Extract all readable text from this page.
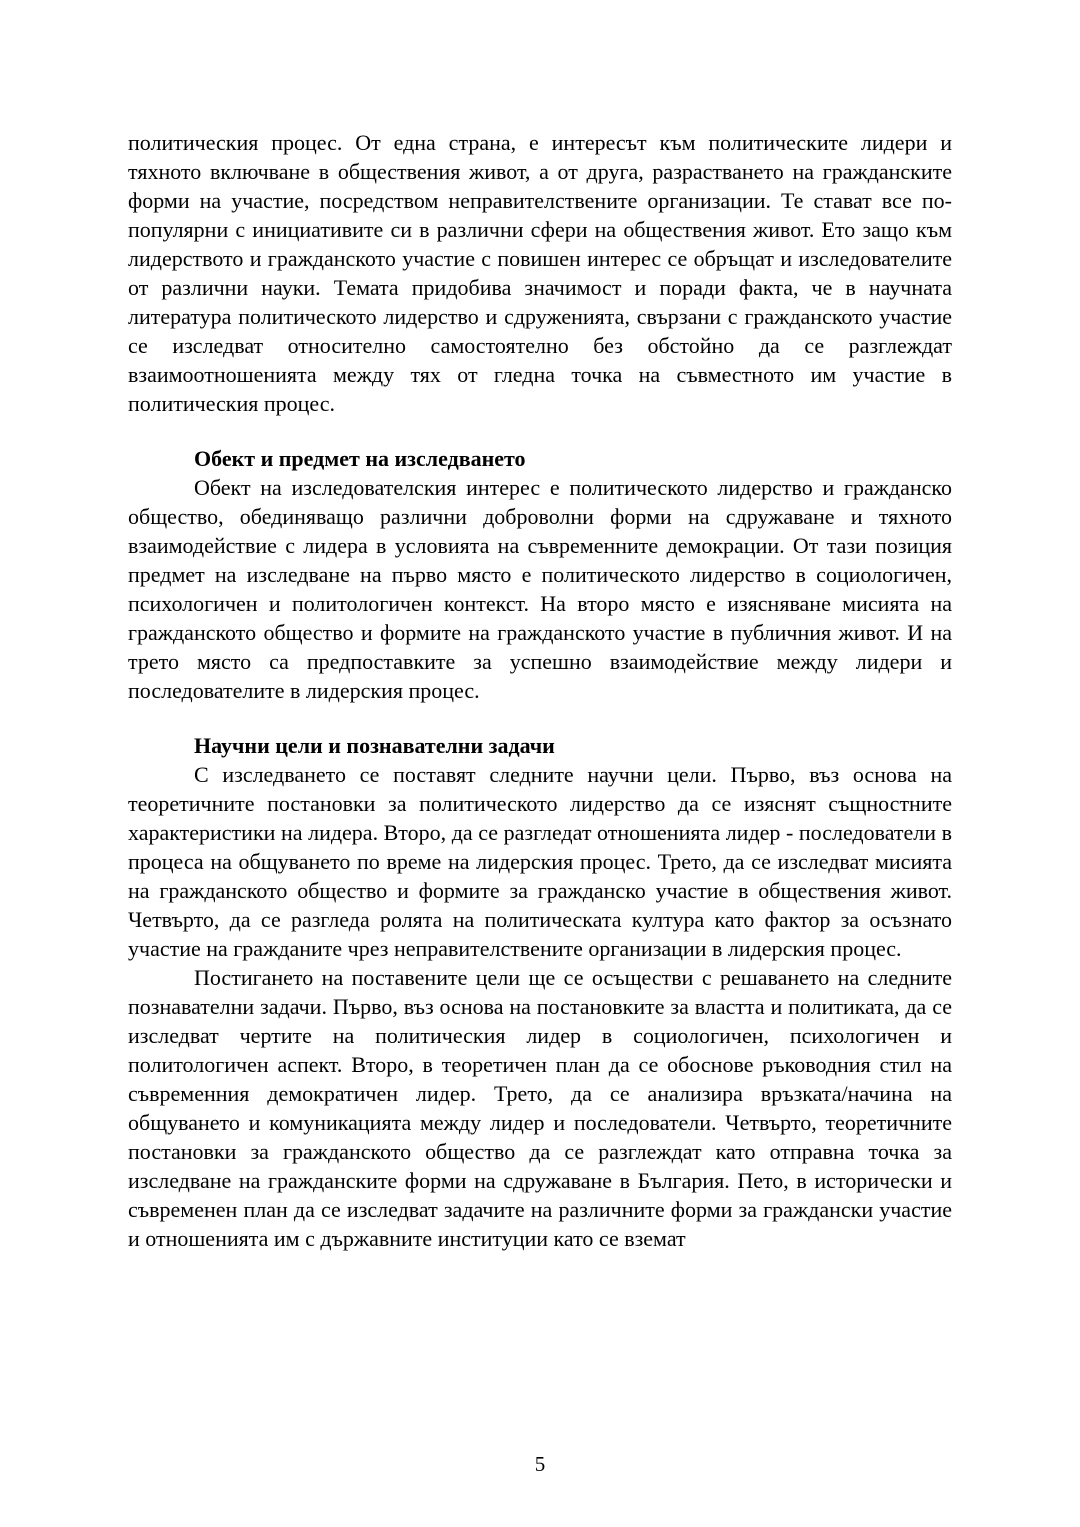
политическия процес. От една страна, е интересът към политическите лидери и тяхното включване в обществения живот, а от друга, разрастването на гражданските форми на участие, посредством неправителствените организации. Те стават все по-популярни с инициативите си в различни сфери на обществения живот. Ето защо към лидерството и гражданското участие с повишен интерес се обръщат и изследователите от различни науки. Темата придобива значимост и поради факта, че в научната литература политическото лидерство и сдруженията, свързани с гражданското участие се изследват относително самостоятелно без обстойно да се разглеждат взаимоотношенията между тях от гледна точка на съвместното им участие в политическия процес.

Обект и предмет на изследването

Обект на изследователския интерес е политическото лидерство и гражданско общество, обединяващо различни доброволни форми на сдружаване и тяхното взаимодействие с лидера в условията на съвременните демокрации. От тази позиция предмет на изследване на първо място е политическото лидерство в социологичен, психологичен и политологичен контекст. На второ място е изясняване мисията на гражданското общество и формите на гражданското участие в публичния живот. И на трето място са предпоставките за успешно взаимодействие между лидери и последователите в лидерския процес.

Научни цели и познавателни задачи

С изследването се поставят следните научни цели. Първо, въз основа на теоретичните постановки за политическото лидерство да се изяснят същностните характеристики на лидера. Второ, да се разгледат отношенията лидер - последователи в процеса на общуването по време на лидерския процес. Трето, да се изследват мисията на гражданското общество и формите за гражданско участие в обществения живот. Четвърто, да се разгледа ролята на политическата култура като фактор за осъзнато участие на гражданите чрез неправителствените организации в лидерския процес.

Постигането на поставените цели ще се осъществи с решаването на следните познавателни задачи. Първо, въз основа на постановките за властта и политиката, да се изследват чертите на политическия лидер в социологичен, психологичен и политологичен аспект. Второ, в теоретичен план да се обоснове ръководния стил на съвременния демократичен лидер. Трето, да се анализира връзката/начина на общуването и комуникацията между лидер и последователи. Четвърто, теоретичните постановки за гражданското общество да се разглеждат като отправна точка за изследване на гражданските форми на сдружаване в България. Пето, в исторически и съвременен план да се изследват задачите на различните форми за граждански участие и отношенията им с държавните институции като се вземат

5
